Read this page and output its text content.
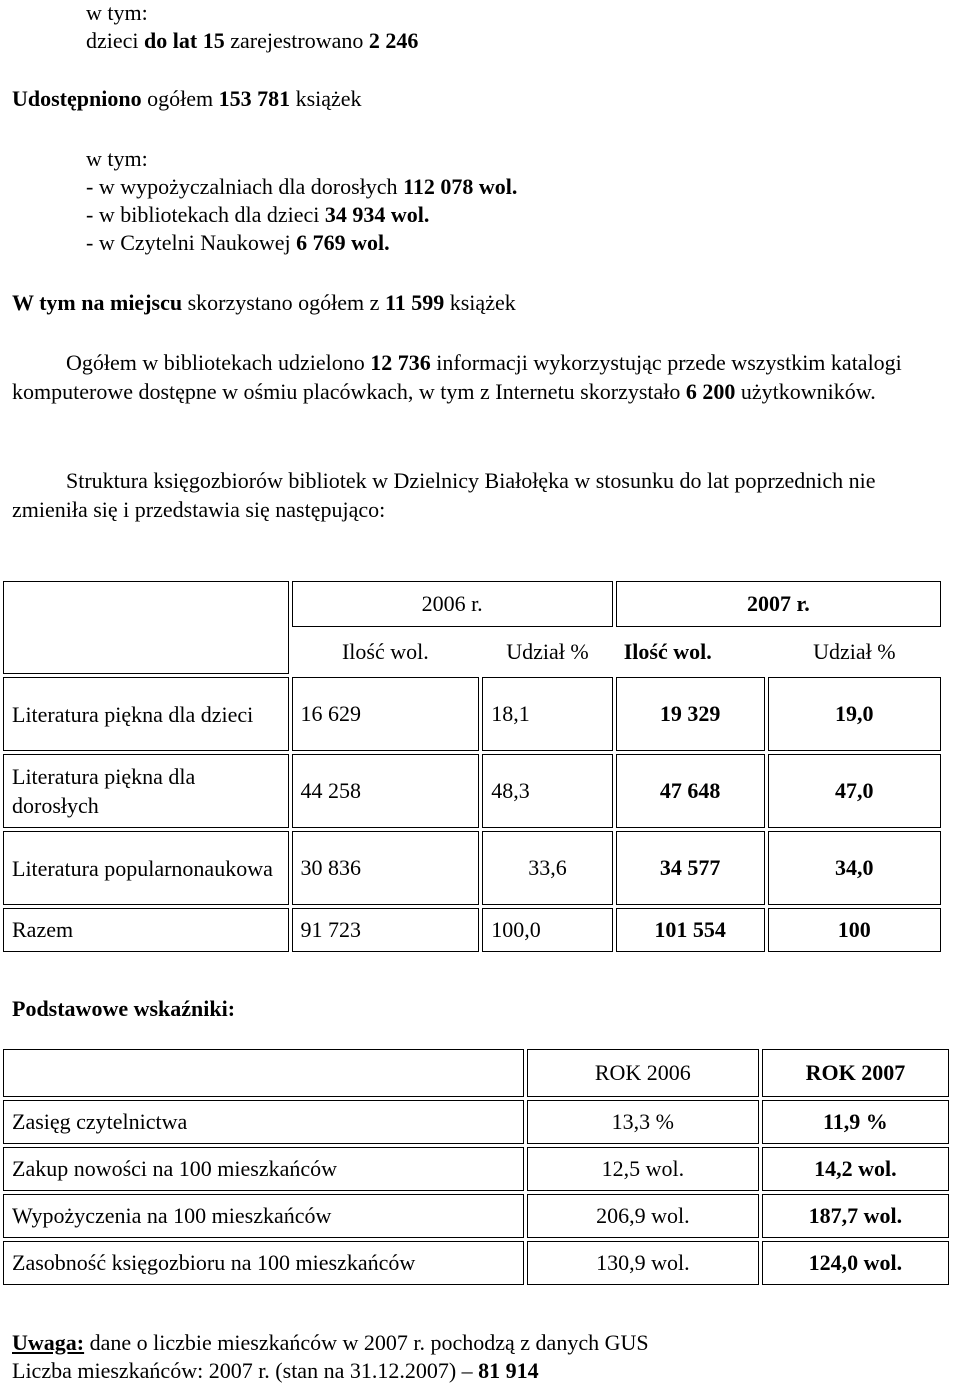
w tym:
dzieci do lat 15 zarejestrowano 2 246
Udostępniono ogółem 153 781 książek
w tym:
- w wypożyczalniach dla dorosłych 112 078 wol.
- w bibliotekach dla dzieci 34 934 wol.
- w Czytelni Naukowej 6 769 wol.
W tym na miejscu skorzystano ogółem z 11 599 książek
Ogółem w bibliotekach udzielono 12 736 informacji wykorzystując przede wszystkim katalogi komputerowe dostępne w ośmiu placówkach, w tym z Internetu skorzystało 6 200 użytkowników.
Struktura księgozbiorów bibliotek w Dzielnicy Białołęka w stosunku do lat poprzednich nie zmieniła się i przedstawia się następująco:
	2006 r.		2007 r.	
	Ilość wol.	Udział %	Ilość wol.	Udział %
Literatura piękna dla dzieci	16 629	18,1	19 329	19,0
Literatura piękna dla dorosłych	44 258	48,3	47 648	47,0
Literatura popularnonaukowa	30 836	33,6	34 577	34,0
Razem	91 723	100,0	101 554	100
Podstawowe wskaźniki:
	ROK 2006	ROK 2007
Zasięg czytelnictwa	13,3 %	11,9 %
Zakup nowości na 100 mieszkańców	12,5 wol.	14,2 wol.
Wypożyczenia na 100 mieszkańców	206,9 wol.	187,7 wol.
Zasobność księgozbioru na 100 mieszkańców	130,9 wol.	124,0 wol.
Uwaga: dane o liczbie mieszkańców w 2007 r. pochodzą z danych GUS
Liczba mieszkańców: 2007 r. (stan na 31.12.2007) – 81 914
